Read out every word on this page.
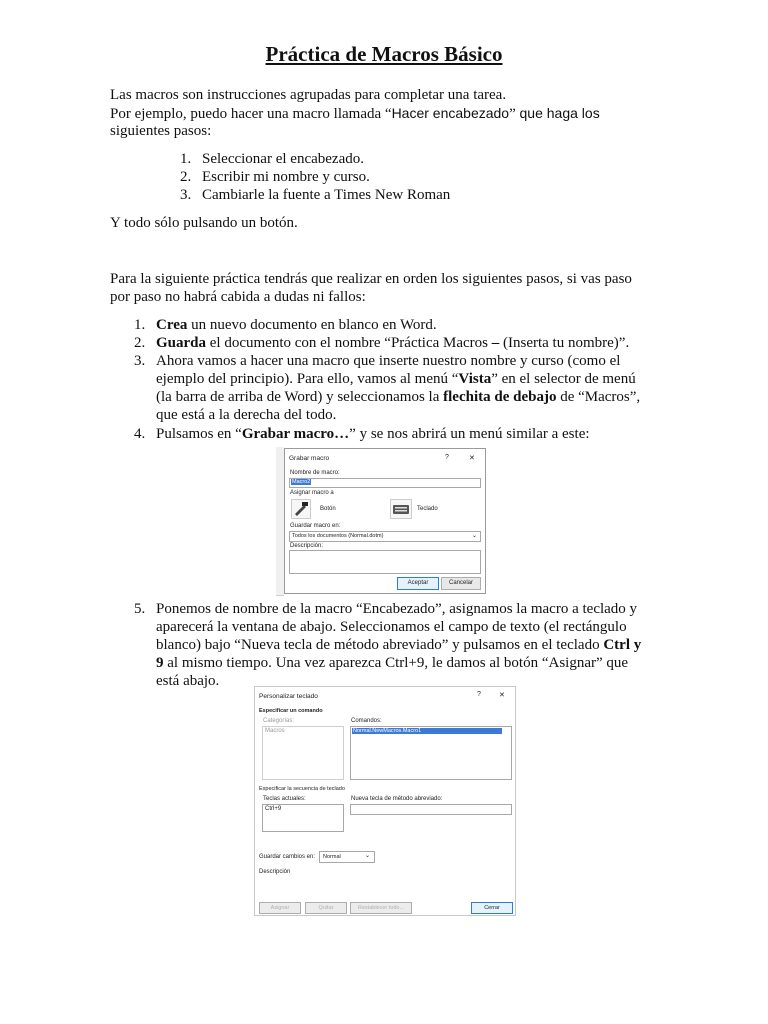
Práctica de Macros Básico
Las macros son instrucciones agrupadas para completar una tarea.
Por ejemplo, puedo hacer una macro llamada “Hacer encabezado” que haga los
siguientes pasos:
1. Seleccionar el encabezado.
2. Escribir mi nombre y curso.
3. Cambiarle la fuente a Times New Roman
Y todo sólo pulsando un botón.
Para la siguiente práctica tendrás que realizar en orden los siguientes pasos, si vas paso
por paso no habrá cabida a dudas ni fallos:
1. Crea un nuevo documento en blanco en Word.
2. Guarda el documento con el nombre “Práctica Macros – (Inserta tu nombre)”.
3. Ahora vamos a hacer una macro que inserte nuestro nombre y curso (como el
ejemplo del principio). Para ello, vamos al menú “Vista” en el selector de menú
(la barra de arriba de Word) y seleccionamos la flechita de debajo de “Macros”,
que está a la derecha del todo.
4. Pulsamos en “Grabar macro…” y se nos abrirá un menú similar a este:
Grabar macro	?	✕
Nombre de macro:
Macro2
Asignar macro a
Botón	Teclado
Guardar macro en:
Todos los documentos (Normal.dotm)	⌄
Descripción:
Aceptar	Cancelar
5. Ponemos de nombre de la macro “Encabezado”, asignamos la macro a teclado y
aparecerá la ventana de abajo. Seleccionamos el campo de texto (el rectángulo
blanco) bajo “Nueva tecla de método abreviado” y pulsamos en el teclado Ctrl y
9 al mismo tiempo. Una vez aparezca Ctrl+9, le damos al botón “Asignar” que
está abajo.
Personalizar teclado	?	✕
Especificar un comando
Categorías:
Macros
Comandos:
Normal.NewMacros.Macro1
Especificar la secuencia de teclado
Teclas actuales:
Ctrl+9
Nueva tecla de método abreviado:
Guardar cambios en: Normal	⌄
Descripción
Asignar	Quitar	Restablecer todo...	Cerrar
